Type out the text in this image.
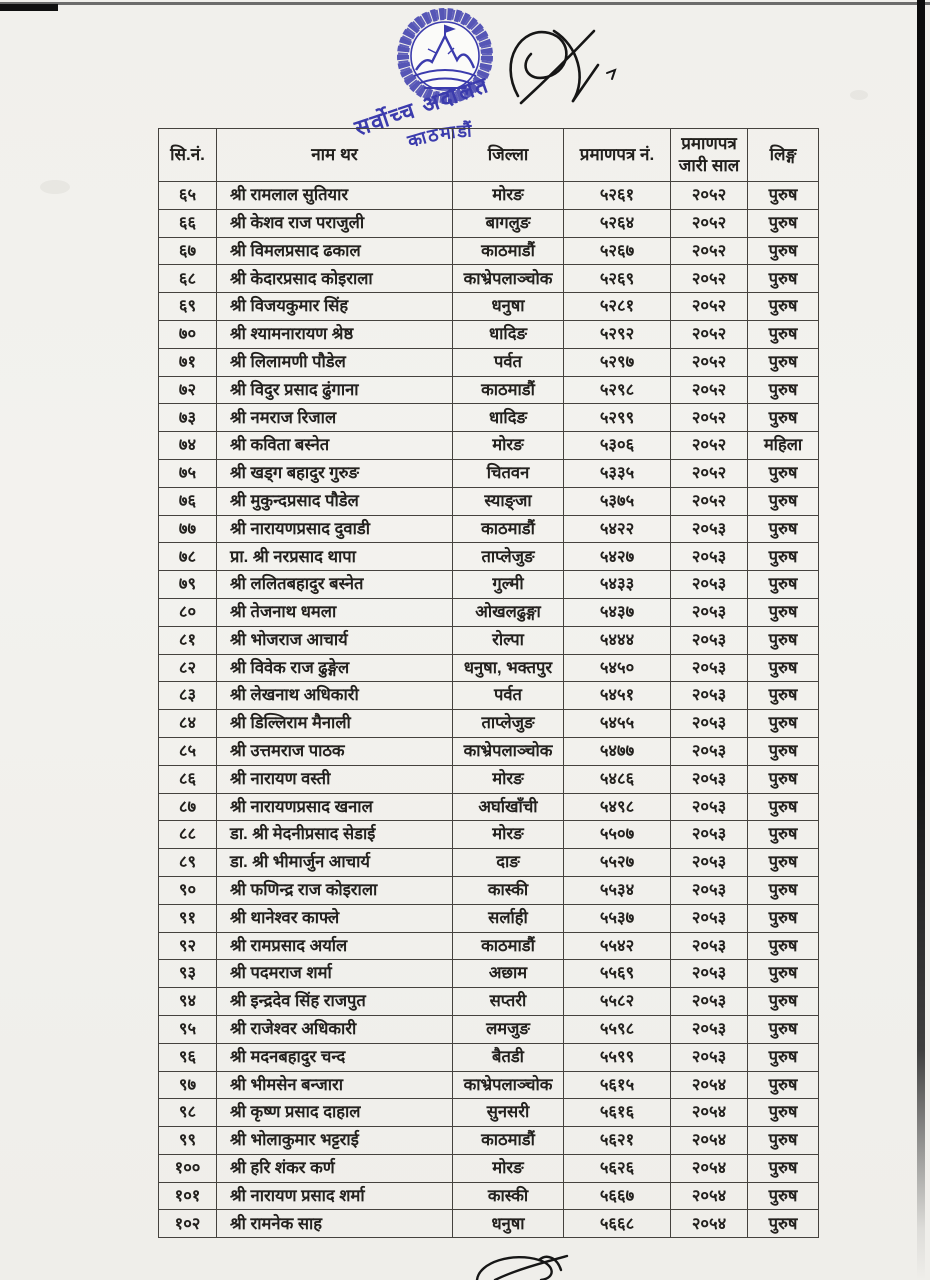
सर्वोच्च अदालत
काठमाडौं
सि.नं.	नाम थर	जिल्ला	प्रमाणपत्र नं.	प्रमाणपत्र जारी साल	लिङ्ग
६५	श्री रामलाल सुतियार	मोरङ	५२६१	२०५२	पुरुष
६६	श्री केशव राज पराजुली	बागलुङ	५२६४	२०५२	पुरुष
६७	श्री विमलप्रसाद ढकाल	काठमाडौं	५२६७	२०५२	पुरुष
६८	श्री केदारप्रसाद कोइराला	काभ्रेपलाञ्चोक	५२६९	२०५२	पुरुष
६९	श्री विजयकुमार सिंह	धनुषा	५२८१	२०५२	पुरुष
७०	श्री श्यामनारायण श्रेष्ठ	धादिङ	५२९२	२०५२	पुरुष
७१	श्री लिलामणी पौडेल	पर्वत	५२९७	२०५२	पुरुष
७२	श्री विदुर प्रसाद ढुंगाना	काठमाडौं	५२९८	२०५२	पुरुष
७३	श्री नमराज रिजाल	धादिङ	५२९९	२०५२	पुरुष
७४	श्री कविता बस्नेत	मोरङ	५३०६	२०५२	महिला
७५	श्री खड्ग बहादुर गुरुङ	चितवन	५३३५	२०५२	पुरुष
७६	श्री मुकुन्दप्रसाद पौडेल	स्याङ्जा	५३७५	२०५२	पुरुष
७७	श्री नारायणप्रसाद दुवाडी	काठमाडौं	५४२२	२०५३	पुरुष
७८	प्रा. श्री नरप्रसाद थापा	ताप्लेजुङ	५४२७	२०५३	पुरुष
७९	श्री ललितबहादुर बस्नेत	गुल्मी	५४३३	२०५३	पुरुष
८०	श्री तेजनाथ धमला	ओखलढुङ्गा	५४३७	२०५३	पुरुष
८१	श्री भोजराज आचार्य	रोल्पा	५४४४	२०५३	पुरुष
८२	श्री विवेक राज ढुङ्गेल	धनुषा, भक्तपुर	५४५०	२०५३	पुरुष
८३	श्री लेखनाथ अधिकारी	पर्वत	५४५१	२०५३	पुरुष
८४	श्री डिल्लिराम मैनाली	ताप्लेजुङ	५४५५	२०५३	पुरुष
८५	श्री उत्तमराज पाठक	काभ्रेपलाञ्चोक	५४७७	२०५३	पुरुष
८६	श्री नारायण वस्ती	मोरङ	५४८६	२०५३	पुरुष
८७	श्री नारायणप्रसाद खनाल	अर्घाखाँची	५४९८	२०५३	पुरुष
८८	डा. श्री मेदनीप्रसाद सेडाई	मोरङ	५५०७	२०५३	पुरुष
८९	डा. श्री भीमार्जुन आचार्य	दाङ	५५२७	२०५३	पुरुष
९०	श्री फणिन्द्र राज कोइराला	कास्की	५५३४	२०५३	पुरुष
९१	श्री थानेश्वर काफ्ले	सर्लाही	५५३७	२०५३	पुरुष
९२	श्री रामप्रसाद अर्याल	काठमाडौं	५५४२	२०५३	पुरुष
९३	श्री पदमराज शर्मा	अछाम	५५६९	२०५३	पुरुष
९४	श्री इन्द्रदेव सिंह राजपुत	सप्तरी	५५८२	२०५३	पुरुष
९५	श्री राजेश्वर अधिकारी	लमजुङ	५५९८	२०५३	पुरुष
९६	श्री मदनबहादुर चन्द	बैतडी	५५९९	२०५३	पुरुष
९७	श्री भीमसेन बन्जारा	काभ्रेपलाञ्चोक	५६१५	२०५४	पुरुष
९८	श्री कृष्ण प्रसाद दाहाल	सुनसरी	५६१६	२०५४	पुरुष
९९	श्री भोलाकुमार भट्टराई	काठमाडौं	५६२१	२०५४	पुरुष
१००	श्री हरि शंकर कर्ण	मोरङ	५६२६	२०५४	पुरुष
१०१	श्री नारायण प्रसाद शर्मा	कास्की	५६६७	२०५४	पुरुष
१०२	श्री रामनेक साह	धनुषा	५६६८	२०५४	पुरुष
